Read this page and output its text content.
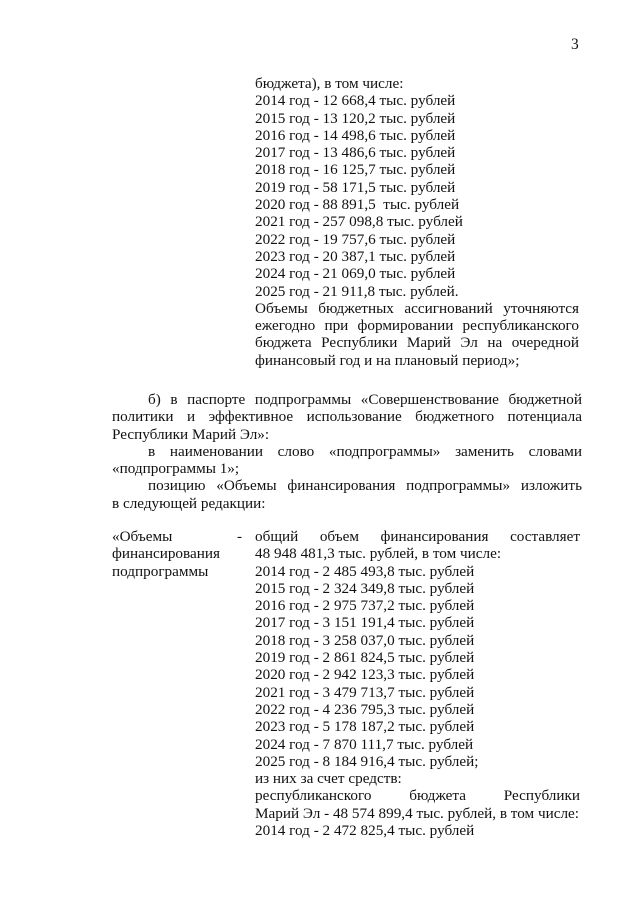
3
бюджета), в том числе:
2014 год - 12 668,4 тыс. рублей
2015 год - 13 120,2 тыс. рублей
2016 год - 14 498,6 тыс. рублей
2017 год - 13 486,6 тыс. рублей
2018 год - 16 125,7 тыс. рублей
2019 год - 58 171,5 тыс. рублей
2020 год - 88 891,5  тыс. рублей
2021 год - 257 098,8 тыс. рублей
2022 год - 19 757,6 тыс. рублей
2023 год - 20 387,1 тыс. рублей
2024 год - 21 069,0 тыс. рублей
2025 год - 21 911,8 тыс. рублей.
Объемы бюджетных ассигнований уточняются
ежегодно при формировании республиканского
бюджета Республики Марий Эл на очередной
финансовый год и на плановый период»;
б) в паспорте подпрограммы «Совершенствование бюджетной
политики и эффективное использование бюджетного потенциала
Республики Марий Эл»:
в наименовании слово «подпрограммы» заменить словами
«подпрограммы 1»;
позицию «Объемы финансирования подпрограммы» изложить
в следующей редакции:
«Объемы	-
финансирования
подпрограммы
общий объем финансирования составляет
48 948 481,3 тыс. рублей, в том числе:
2014 год - 2 485 493,8 тыс. рублей
2015 год - 2 324 349,8 тыс. рублей
2016 год - 2 975 737,2 тыс. рублей
2017 год - 3 151 191,4 тыс. рублей
2018 год - 3 258 037,0 тыс. рублей
2019 год - 2 861 824,5 тыс. рублей
2020 год - 2 942 123,3 тыс. рублей
2021 год - 3 479 713,7 тыс. рублей
2022 год - 4 236 795,3 тыс. рублей
2023 год - 5 178 187,2 тыс. рублей
2024 год - 7 870 111,7 тыс. рублей
2025 год - 8 184 916,4 тыс. рублей;
из них за счет средств:
республиканского бюджета Республики
Марий Эл - 48 574 899,4 тыс. рублей, в том числе:
2014 год - 2 472 825,4 тыс. рублей
